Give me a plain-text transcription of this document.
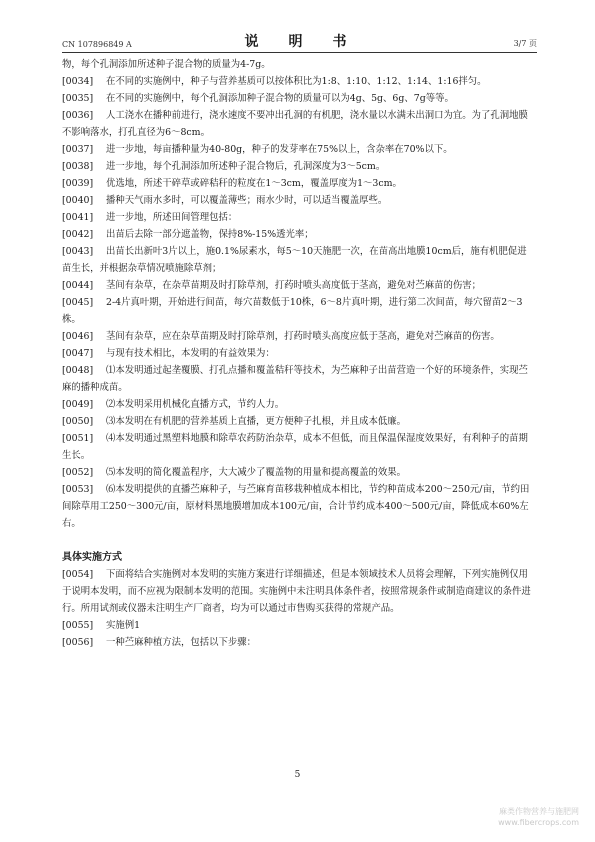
CN 107896849 A	说　明　书	3/7 页
物，每个孔洞添加所述种子混合物的质量为4-7g。
[0034] 在不同的实施例中，种子与营养基质可以按体积比为1:8、1:10、1:12、1:14、1:16拌匀。
[0035] 在不同的实施例中，每个孔洞添加种子混合物的质量可以为4g、5g、6g、7g等等。
[0036] 人工浇水在播种前进行，浇水速度不要冲出孔洞的有机肥，浇水量以水满未出洞口为宜。为了孔洞地膜不影响落水，打孔直径为6～8cm。
[0037] 进一步地，每亩播种量为40-80g，种子的发芽率在75%以上，含杂率在70%以下。
[0038] 进一步地，每个孔洞添加所述种子混合物后，孔洞深度为3～5cm。
[0039] 优选地，所述干碎草或碎秸秆的粒度在1～3cm，覆盖厚度为1～3cm。
[0040] 播种天气雨水多时，可以覆盖薄些；雨水少时，可以适当覆盖厚些。
[0041] 进一步地，所述田间管理包括：
[0042] 出苗后去除一部分遮盖物，保持8%-15%透光率；
[0043] 出苗长出新叶3片以上，施0.1%尿素水，每5～10天施肥一次，在苗高出地膜10cm后，施有机肥促进苗生长，并根据杂草情况喷施除草剂；
[0044] 茎间有杂草，在杂草苗期及时打除草剂，打药时喷头高度低于茎高，避免对苎麻苗的伤害；
[0045] 2-4片真叶期，开始进行间苗，每穴苗数低于10株，6～8片真叶期，进行第二次间苗，每穴留苗2～3株。
[0046] 茎间有杂草，应在杂草苗期及时打除草剂，打药时喷头高度应低于茎高，避免对苎麻苗的伤害。
[0047] 与现有技术相比，本发明的有益效果为：
[0048] ⑴本发明通过起垄覆膜、打孔点播和覆盖秸秆等技术，为苎麻种子出苗营造一个好的环境条件，实现苎麻的播种成苗。
[0049] ⑵本发明采用机械化直播方式，节约人力。
[0050] ⑶本发明在有机肥的营养基质上直播，更方便种子扎根，并且成本低廉。
[0051] ⑷本发明通过黑塑料地膜和除草农药防治杂草，成本不但低，而且保温保湿度效果好，有利种子的苗期生长。
[0052] ⑸本发明的简化覆盖程序，大大减少了覆盖物的用量和提高覆盖的效果。
[0053] ⑹本发明提供的直播苎麻种子，与苎麻育苗移栽种植成本相比，节约种苗成本200～250元/亩，节约田间除草用工250～300元/亩，原材料黑地膜增加成本100元/亩，合计节约成本400～500元/亩，降低成本60%左右。
具体实施方式
[0054] 下面将结合实施例对本发明的实施方案进行详细描述，但是本领域技术人员将会理解，下列实施例仅用于说明本发明，而不应视为限制本发明的范围。实施例中未注明具体条件者，按照常规条件或制造商建议的条件进行。所用试剂或仪器未注明生产厂商者，均为可以通过市售购买获得的常规产品。
[0055] 实施例1
[0056] 一种苎麻种植方法，包括以下步骤：
5
麻类作物营养与施肥网
www.fibercrops.com
